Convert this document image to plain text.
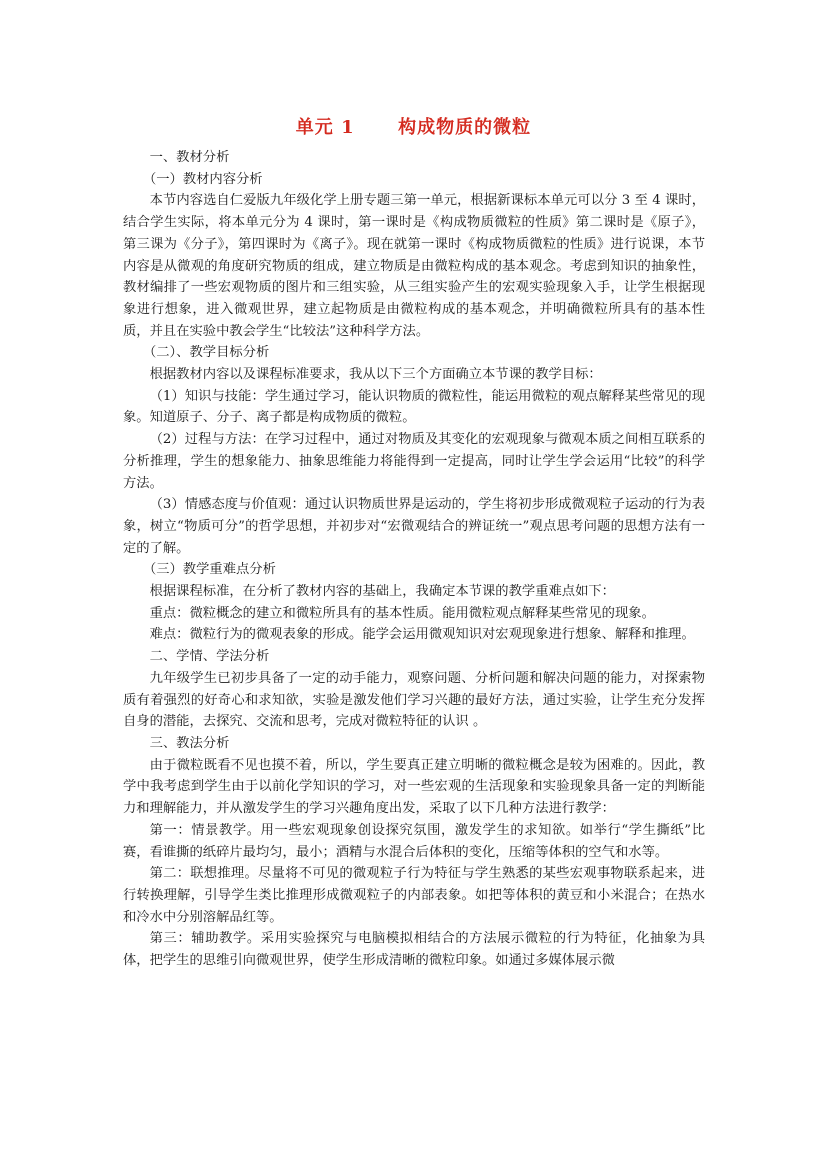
单元 1      构成物质的微粒

一、教材分析

（一）教材内容分析

本节内容选自仁爱版九年级化学上册专题三第一单元，根据新课标本单元可以分 3 至 4 课时，结合学生实际，将本单元分为 4 课时，第一课时是《构成物质微粒的性质》第二课时是《原子》，第三课为《分子》，第四课时为《离子》。现在就第一课时《构成物质微粒的性质》进行说课，本节内容是从微观的角度研究物质的组成，建立物质是由微粒构成的基本观念。考虑到知识的抽象性，教材编排了一些宏观物质的图片和三组实验，从三组实验产生的宏观实验现象入手，让学生根据现象进行想象，进入微观世界，建立起物质是由微粒构成的基本观念，并明确微粒所具有的基本性质，并且在实验中教会学生“比较法”这种科学方法。

（二）、教学目标分析

根据教材内容以及课程标准要求，我从以下三个方面确立本节课的教学目标：

（1）知识与技能：学生通过学习，能认识物质的微粒性，能运用微粒的观点解释某些常见的现象。知道原子、分子、离子都是构成物质的微粒。

（2）过程与方法：在学习过程中，通过对物质及其变化的宏观现象与微观本质之间相互联系的分析推理，学生的想象能力、抽象思维能力将能得到一定提高，同时让学生学会运用“比较”的科学方法。

（3）情感态度与价值观：通过认识物质世界是运动的，学生将初步形成微观粒子运动的行为表象，树立“物质可分”的哲学思想，并初步对“宏微观结合的辨证统一”观点思考问题的思想方法有一定的了解。

（三）教学重难点分析

根据课程标准，在分析了教材内容的基础上，我确定本节课的教学重难点如下：

重点：微粒概念的建立和微粒所具有的基本性质。能用微粒观点解释某些常见的现象。

难点：微粒行为的微观表象的形成。能学会运用微观知识对宏观现象进行想象、解释和推理。

二、学情、学法分析

九年级学生已初步具备了一定的动手能力，观察问题、分析问题和解决问题的能力，对探索物质有着强烈的好奇心和求知欲，实验是激发他们学习兴趣的最好方法，通过实验，让学生充分发挥自身的潜能，去探究、交流和思考，完成对微粒特征的认识 。

三、教法分析

由于微粒既看不见也摸不着，所以，学生要真正建立明晰的微粒概念是较为困难的。因此，教学中我考虑到学生由于以前化学知识的学习，对一些宏观的生活现象和实验现象具备一定的判断能力和理解能力，并从激发学生的学习兴趣角度出发，采取了以下几种方法进行教学：

第一：情景教学。用一些宏观现象创设探究氛围，激发学生的求知欲。如举行“学生撕纸”比赛，看谁撕的纸碎片最均匀，最小；酒精与水混合后体积的变化，压缩等体积的空气和水等。

第二：联想推理。尽量将不可见的微观粒子行为特征与学生熟悉的某些宏观事物联系起来，进行转换理解，引导学生类比推理形成微观粒子的内部表象。如把等体积的黄豆和小米混合；在热水和冷水中分别溶解品红等。

第三：辅助教学。采用实验探究与电脑模拟相结合的方法展示微粒的行为特征，化抽象为具体，把学生的思维引向微观世界，使学生形成清晰的微粒印象。如通过多媒体展示微
